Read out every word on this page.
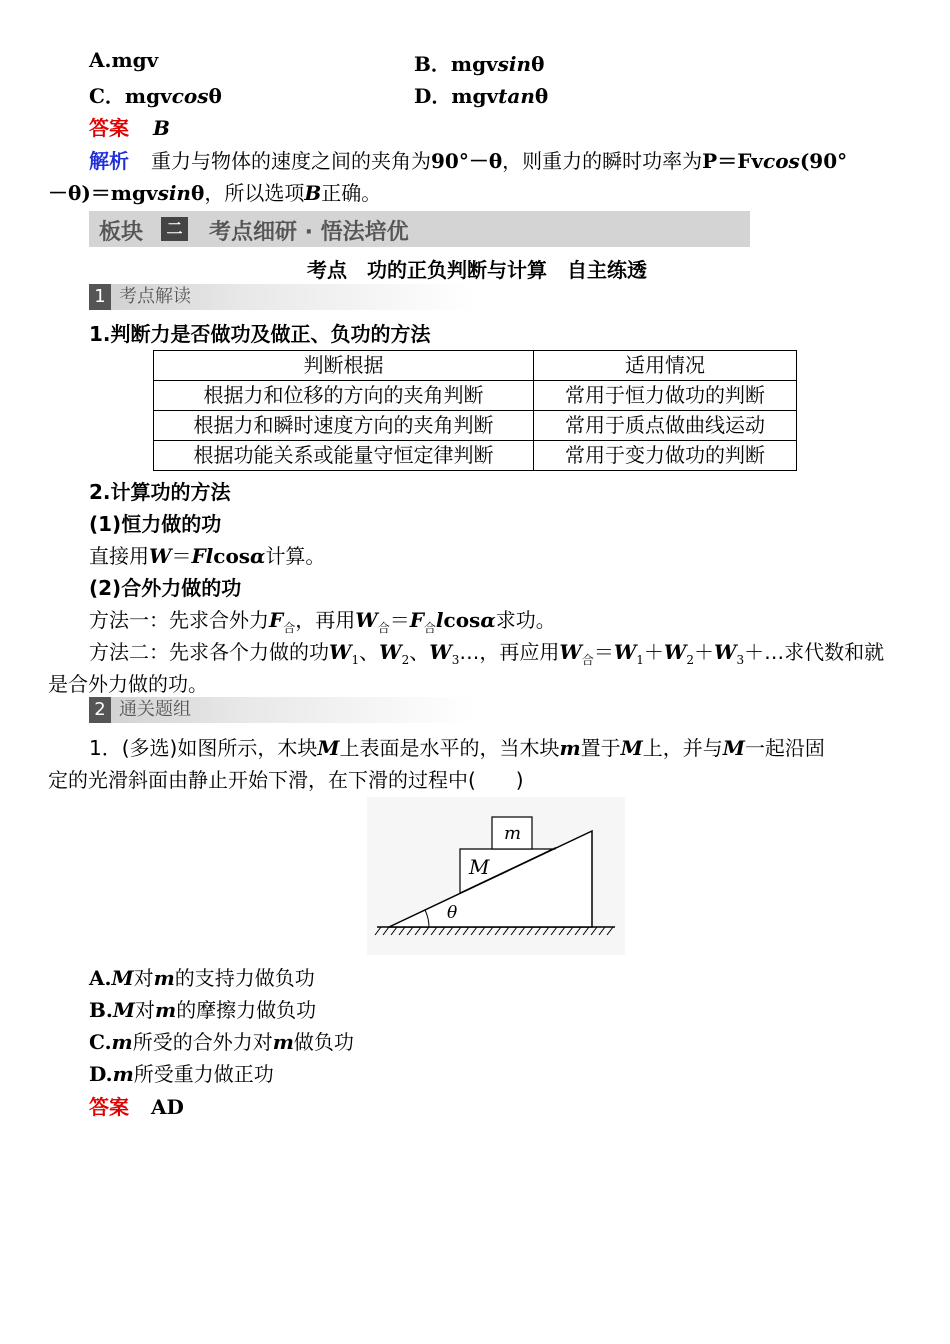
A.mgv	B．mgvsinθ
C．mgvcosθ	D．mgvtanθ
答案 B
解析 重力与物体的速度之间的夹角为90°－θ，则重力的瞬时功率为P＝Fvcos(90°
－θ)＝mgvsinθ，所以选项B正确。
板块	二 考点细研 · 悟法培优
考点　功的正负判断与计算　自主练透
1 考点解读
1.判断力是否做功及做正、负功的方法
判断根据	适用情况
根据力和位移的方向的夹角判断	常用于恒力做功的判断
根据力和瞬时速度方向的夹角判断	常用于质点做曲线运动
根据功能关系或能量守恒定律判断	常用于变力做功的判断
2.计算功的方法
(1)恒力做的功
直接用W＝Flcosα计算。
(2)合外力做的功
方法一：先求合外力$F_合$，再用$W_合=F_合lcos\alpha$求功。
方法二：先求各个力做的功$W_1$、$W_2$、$W_3\dots$，再应用$W_合=W_1+W_2+W_3+\dots$求代数和就
是合外力做的功。
2 通关题组
1．(多选)如图所示，木块M上表面是水平的，当木块m置于M上，并与M一起沿固
定的光滑斜面由静止开始下滑，在下滑的过程中(　　)
m
M
θ
A.M对m的支持力做负功
B.M对m的摩擦力做负功
C.m所受的合外力对m做负功
D.m所受重力做正功
答案 AD
